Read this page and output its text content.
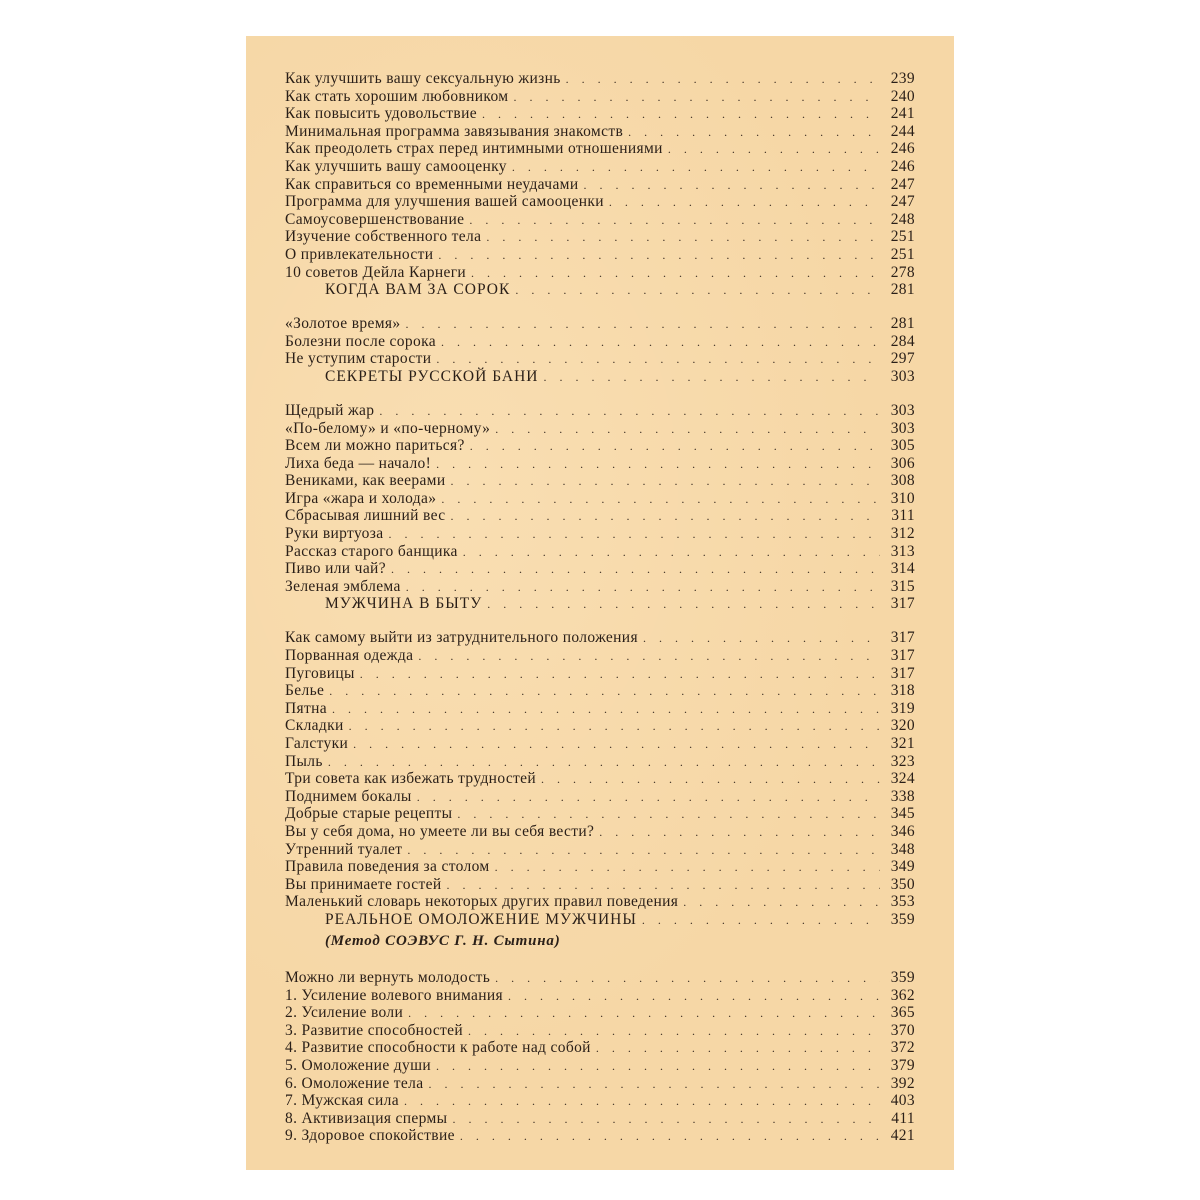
Как улучшить вашу сексуальную жизнь . . .	239
Как стать хорошим любовником . . .	240
Как повысить удовольствие . . .	241
Минимальная программа завязывания знакомств . . .	244
Как преодолеть страх перед интимными отношениями . . .	246
Как улучшить вашу самооценку . . .	246
Как справиться со временными неудачами . . .	247
Программа для улучшения вашей самооценки . . .	247
Самоусовершенствование . . .	248
Изучение собственного тела . . .	251
О привлекательности . . .	251
10 советов Дейла Карнеги . . .	278
КОГДА ВАМ ЗА СОРОК . . .	281
«Золотое время» . . .	281
Болезни после сорока . . .	284
Не уступим старости . . .	297
СЕКРЕТЫ РУССКОЙ БАНИ . . .	303
Щедрый жар . . .	303
«По-белому» и «по-черному» . . .	303
Всем ли можно париться? . . .	305
Лиха беда — начало! . . .	306
Вениками, как веерами . . .	308
Игра «жара и холода» . . .	310
Сбрасывая лишний вес . . .	311
Руки виртуоза . . .	312
Рассказ старого банщика . . .	313
Пиво или чай? . . .	314
Зеленая эмблема . . .	315
МУЖЧИНА В БЫТУ . . .	317
Как самому выйти из затруднительного положения . . .	317
Порванная одежда . . .	317
Пуговицы . . .	317
Белье . . .	318
Пятна . . .	319
Складки . . .	320
Галстуки . . .	321
Пыль . . .	323
Три совета как избежать трудностей . . .	324
Поднимем бокалы . . .	338
Добрые старые рецепты . . .	345
Вы у себя дома, но умеете ли вы себя вести? . . .	346
Утренний туалет . . .	348
Правила поведения за столом . . .	349
Вы принимаете гостей . . .	350
Маленький словарь некоторых других правил поведения . . .	353
РЕАЛЬНОЕ ОМОЛОЖЕНИЕ МУЖЧИНЫ . . .	359
(Метод СОЭВУС Г. Н. Сытина)
Можно ли вернуть молодость . . .	359
1. Усиление волевого внимания . . .	362
2. Усиление воли . . .	365
3. Развитие способностей . . .	370
4. Развитие способности к работе над собой . . .	372
5. Омоложение души . . .	379
6. Омоложение тела . . .	392
7. Мужская сила . . .	403
8. Активизация спермы . . .	411
9. Здоровое спокойствие . . .	421
